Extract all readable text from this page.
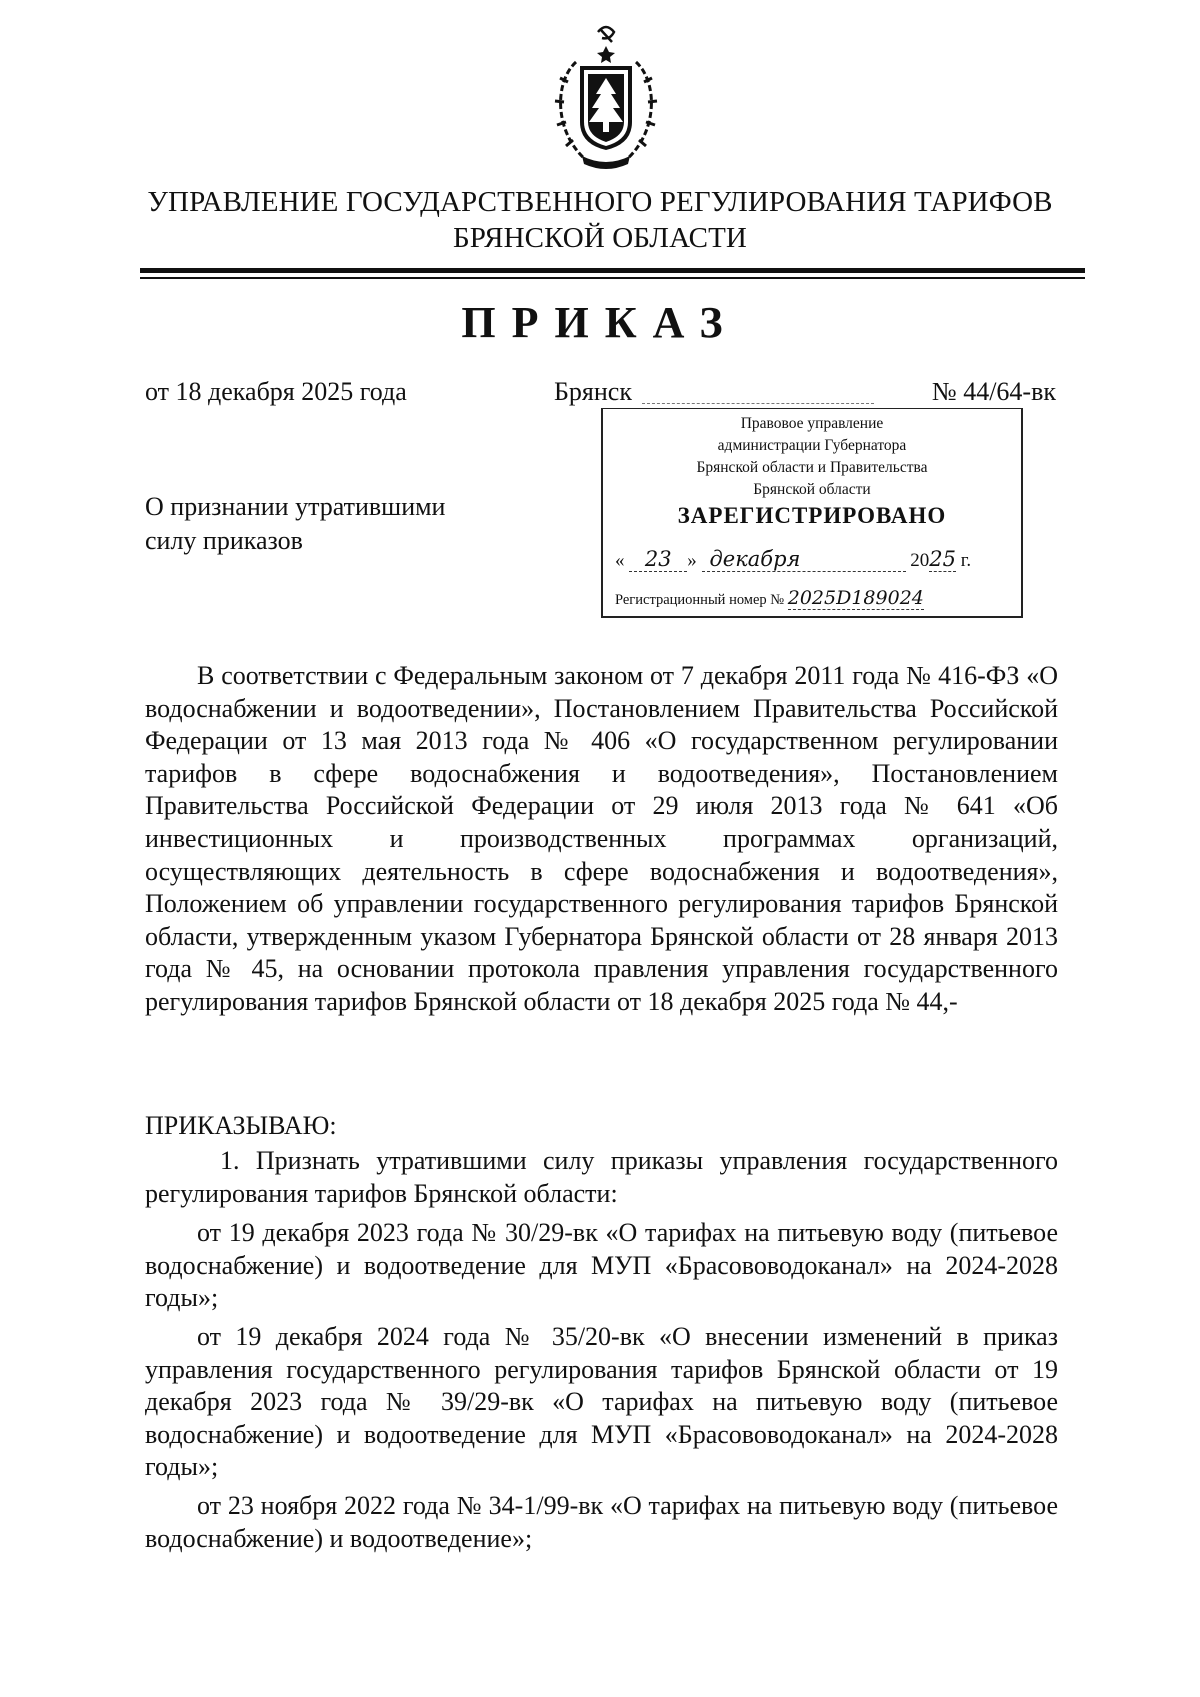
УПРАВЛЕНИЕ ГОСУДАРСТВЕННОГО РЕГУЛИРОВАНИЯ ТАРИФОВ
БРЯНСКОЙ ОБЛАСТИ
ПРИКАЗ
от 18 декабря 2025 года	Брянск	№ 44/64-вк
Правовое управление
администрации Губернатора
Брянской области и Правительства
Брянской области
ЗАРЕГИСТРИРОВАНО
« 23 » декабря	2025 г.
Регистрационный номер № 2025D189024
О признании утратившими
силу приказов

В соответствии с Федеральным законом от 7 декабря 2011 года № 416-ФЗ «О водоснабжении и водоотведении», Постановлением Правительства Российской Федерации от 13 мая 2013 года № 406 «О государственном регулировании тарифов в сфере водоснабжения и водоотведения», Постановлением Правительства Российской Федерации от 29 июля 2013 года № 641 «Об инвестиционных и производственных программах организаций, осуществляющих деятельность в сфере водоснабжения и водоотведения», Положением об управлении государственного регулирования тарифов Брянской области, утвержденным указом Губернатора Брянской области от 28 января 2013 года № 45, на основании протокола правления управления государственного регулирования тарифов Брянской области от 18 декабря 2025 года № 44,-

ПРИКАЗЫВАЮ:

1. Признать утратившими силу приказы управления государственного регулирования тарифов Брянской области:

от 19 декабря 2023 года № 30/29-вк «О тарифах на питьевую воду (питьевое водоснабжение) и водоотведение для МУП «Брасововодоканал» на 2024-2028 годы»;

от 19 декабря 2024 года № 35/20-вк «О внесении изменений в приказ управления государственного регулирования тарифов Брянской области от 19 декабря 2023 года № 39/29-вк «О тарифах на питьевую воду (питьевое водоснабжение) и водоотведение для МУП «Брасововодоканал» на 2024-2028 годы»;

от 23 ноября 2022 года № 34-1/99-вк «О тарифах на питьевую воду (питьевое водоснабжение) и водоотведение»;
